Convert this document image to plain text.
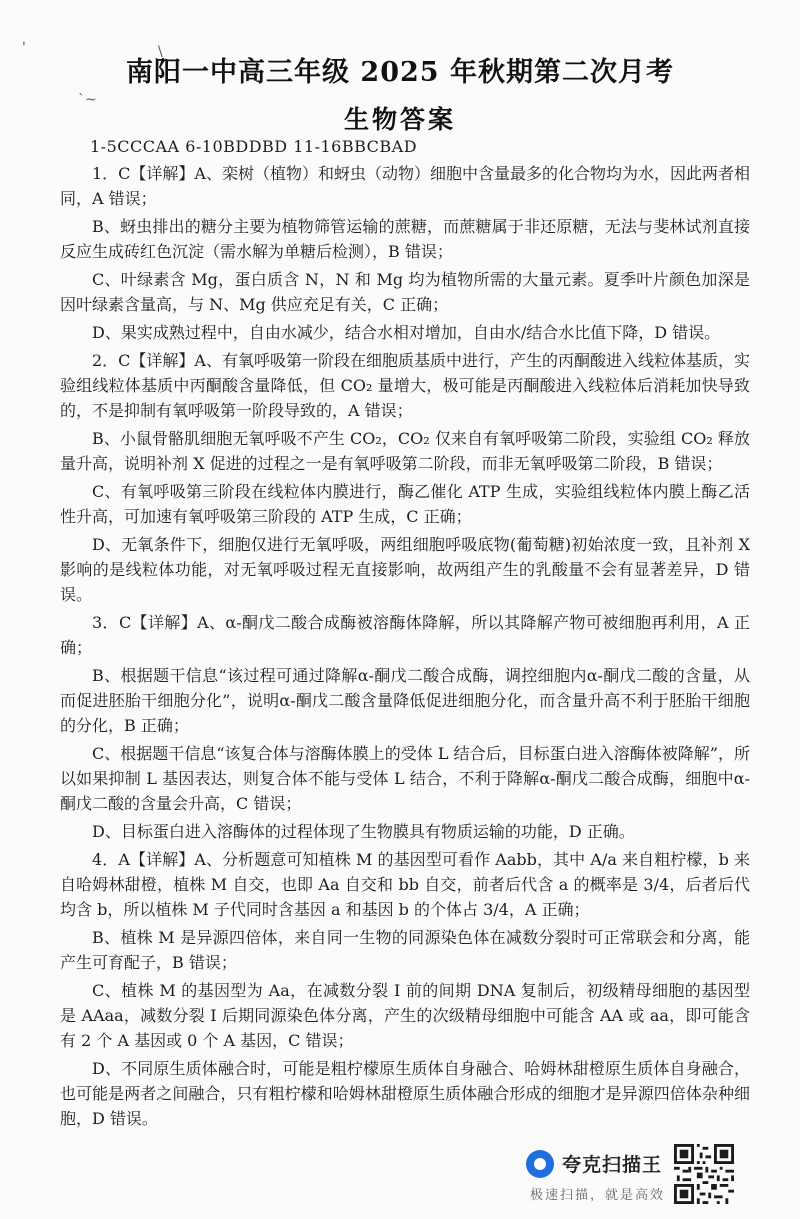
'	\
`~
南阳一中高三年级 2025 年秋期第二次月考
生物答案
1-5CCCAA 6-10BDDBD 11-16BBCBAD

1．C【详解】A、栾树（植物）和蚜虫（动物）细胞中含量最多的化合物均为水，因此两者相同，A 错误；

B、蚜虫排出的糖分主要为植物筛管运输的蔗糖，而蔗糖属于非还原糖，无法与斐林试剂直接反应生成砖红色沉淀（需水解为单糖后检测），B 错误；

C、叶绿素含 Mg，蛋白质含 N，N 和 Mg 均为植物所需的大量元素。夏季叶片颜色加深是因叶绿素含量高，与 N、Mg 供应充足有关，C 正确；

D、果实成熟过程中，自由水减少，结合水相对增加，自由水/结合水比值下降，D 错误。

2．C【详解】A、有氧呼吸第一阶段在细胞质基质中进行，产生的丙酮酸进入线粒体基质，实验组线粒体基质中丙酮酸含量降低，但 CO₂ 量增大，极可能是丙酮酸进入线粒体后消耗加快导致的，不是抑制有氧呼吸第一阶段导致的，A 错误；

B、小鼠骨骼肌细胞无氧呼吸不产生 CO₂，CO₂ 仅来自有氧呼吸第二阶段，实验组 CO₂ 释放量升高，说明补剂 X 促进的过程之一是有氧呼吸第二阶段，而非无氧呼吸第二阶段，B 错误；

C、有氧呼吸第三阶段在线粒体内膜进行，酶乙催化 ATP 生成，实验组线粒体内膜上酶乙活性升高，可加速有氧呼吸第三阶段的 ATP 生成，C 正确；

D、无氧条件下，细胞仅进行无氧呼吸，两组细胞呼吸底物(葡萄糖)初始浓度一致，且补剂 X 影响的是线粒体功能，对无氧呼吸过程无直接影响，故两组产生的乳酸量不会有显著差异，D 错误。

3．C【详解】A、α-酮戊二酸合成酶被溶酶体降解，所以其降解产物可被细胞再利用，A 正确；

B、根据题干信息“该过程可通过降解α-酮戊二酸合成酶，调控细胞内α-酮戊二酸的含量，从而促进胚胎干细胞分化”，说明α-酮戊二酸含量降低促进细胞分化，而含量升高不利于胚胎干细胞的分化，B 正确；

C、根据题干信息“该复合体与溶酶体膜上的受体 L 结合后，目标蛋白进入溶酶体被降解”，所以如果抑制 L 基因表达，则复合体不能与受体 L 结合，不利于降解α-酮戊二酸合成酶，细胞中α-酮戊二酸的含量会升高，C 错误；

D、目标蛋白进入溶酶体的过程体现了生物膜具有物质运输的功能，D 正确。

4．A【详解】A、分析题意可知植株 M 的基因型可看作 Aabb，其中 A/a 来自粗柠檬，b 来自哈姆林甜橙，植株 M 自交，也即 Aa 自交和 bb 自交，前者后代含 a 的概率是 3/4，后者后代均含 b，所以植株 M 子代同时含基因 a 和基因 b 的个体占 3/4，A 正确；

B、植株 M 是异源四倍体，来自同一生物的同源染色体在减数分裂时可正常联会和分离，能产生可育配子，B 错误；

C、植株 M 的基因型为 Aa，在减数分裂 I 前的间期 DNA 复制后，初级精母细胞的基因型是 AAaa，减数分裂 I 后期同源染色体分离，产生的次级精母细胞中可能含 AA 或 aa，即可能含有 2 个 A 基因或 0 个 A 基因，C 错误；

D、不同原生质体融合时，可能是粗柠檬原生质体自身融合、哈姆林甜橙原生质体自身融合，也可能是两者之间融合，只有粗柠檬和哈姆林甜橙原生质体融合形成的细胞才是异源四倍体杂种细胞，D 错误。

夸克扫描王
极速扫描，就是高效
